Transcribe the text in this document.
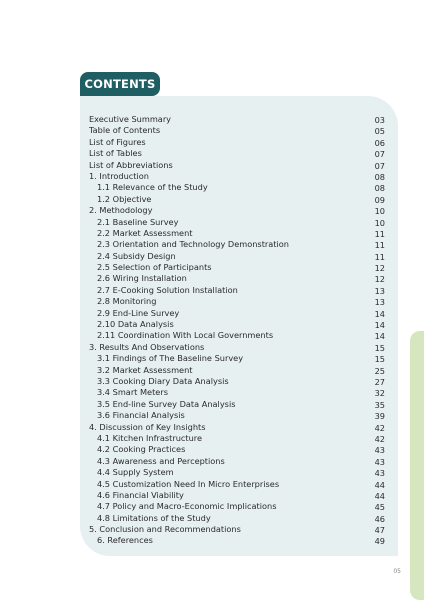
CONTENTS
Executive Summary	03
Table of Contents	05
List of Figures	06
List of Tables	07
List of Abbreviations	07
1. Introduction	08
1.1 Relevance of the Study	08
1.2 Objective	09
2. Methodology	10
2.1 Baseline Survey	10
2.2 Market Assessment	11
2.3 Orientation and Technology Demonstration	11
2.4 Subsidy Design	11
2.5 Selection of Participants	12
2.6 Wiring Installation	12
2.7 E-Cooking Solution Installation	13
2.8 Monitoring	13
2.9 End-Line Survey	14
2.10 Data Analysis	14
2.11 Coordination With Local Governments	14
3. Results And Observations	15
3.1 Findings of The Baseline Survey	15
3.2 Market Assessment	25
3.3 Cooking Diary Data Analysis	27
3.4 Smart Meters	32
3.5 End-line Survey Data Analysis	35
3.6 Financial Analysis	39
4. Discussion of Key Insights	42
4.1 Kitchen Infrastructure	42
4.2 Cooking Practices	43
4.3 Awareness and Perceptions	43
4.4 Supply System	43
4.5 Customization Need In Micro Enterprises	44
4.6 Financial Viability	44
4.7 Policy and Macro-Economic Implications	45
4.8 Limitations of the Study	46
5. Conclusion and Recommendations	47
6. References	49
05
